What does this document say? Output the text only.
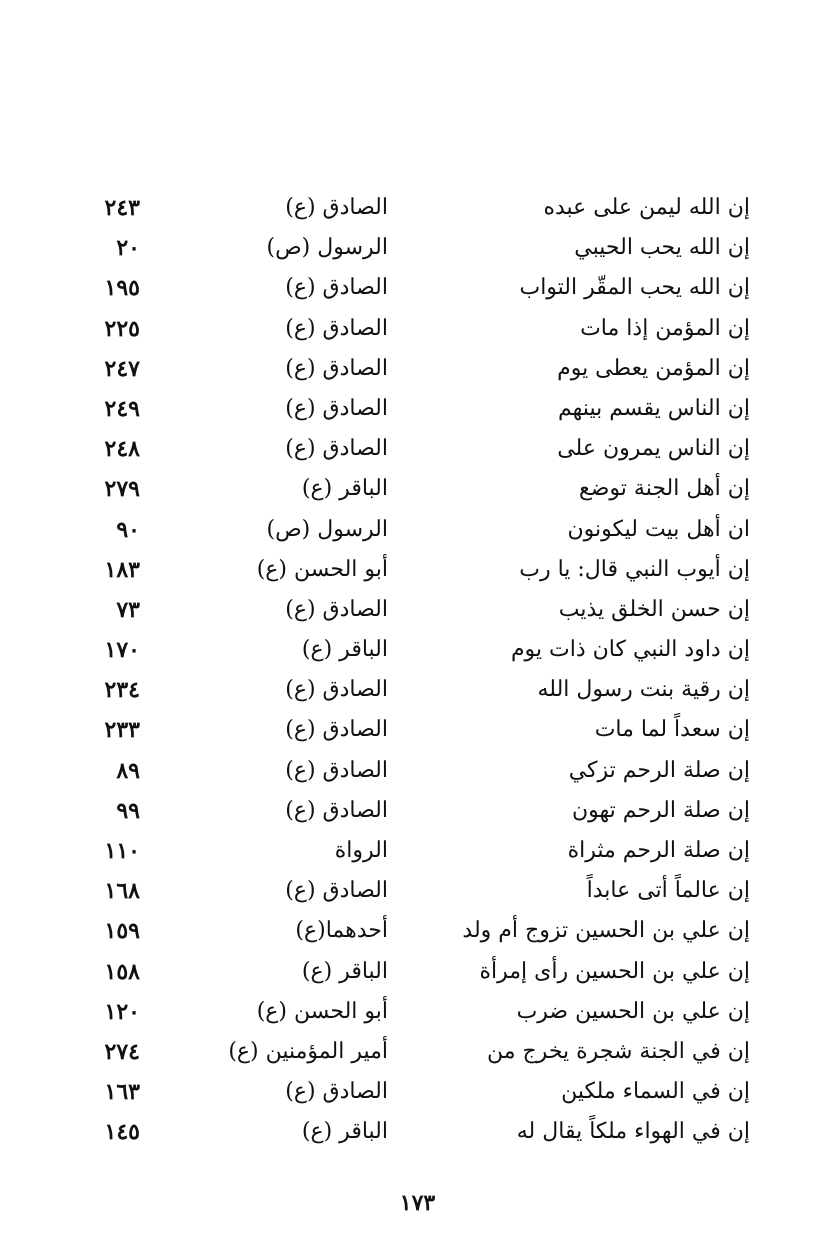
إن الله ليمن على عبده
الصادق (ع)
٢٤٣
إن الله يحب الحيبي
الرسول (ص)
٢٠
إن الله يحب المقّر التواب
الصادق (ع)
١٩٥
إن المؤمن إذا مات
الصادق (ع)
٢٢٥
إن المؤمن يعطى يوم
الصادق (ع)
٢٤٧
إن الناس يقسم بينهم
الصادق (ع)
٢٤٩
إن الناس يمرون على
الصادق (ع)
٢٤٨
إن أهل الجنة توضع
الباقر (ع)
٢٧٩
ان أهل بيت ليكونون
الرسول (ص)
٩٠
إن أيوب النبي قال: يا رب
أبو الحسن (ع)
١٨٣
إن حسن الخلق يذيب
الصادق (ع)
٧٣
إن داود النبي كان ذات يوم
الباقر (ع)
١٧٠
إن رقية بنت رسول الله
الصادق (ع)
٢٣٤
إن سعداً لما مات
الصادق (ع)
٢٣٣
إن صلة الرحم تزكي
الصادق (ع)
٨٩
إن صلة الرحم تهون
الصادق (ع)
٩٩
إن صلة الرحم مثراة
الرواة
١١٠
إن عالماً أتى عابداً
الصادق (ع)
١٦٨
إن علي بن الحسين تزوج أم ولد
أحدهما(ع)
١٥٩
إن علي بن الحسين رأى إمرأة
الباقر (ع)
١٥٨
إن علي بن الحسين ضرب
أبو الحسن (ع)
١٢٠
إن في الجنة شجرة يخرج من
أمير المؤمنين (ع)
٢٧٤
إن في السماء ملكين
الصادق (ع)
١٦٣
إن في الهواء ملكاً يقال له
الباقر (ع)
١٤٥
١٧٣
